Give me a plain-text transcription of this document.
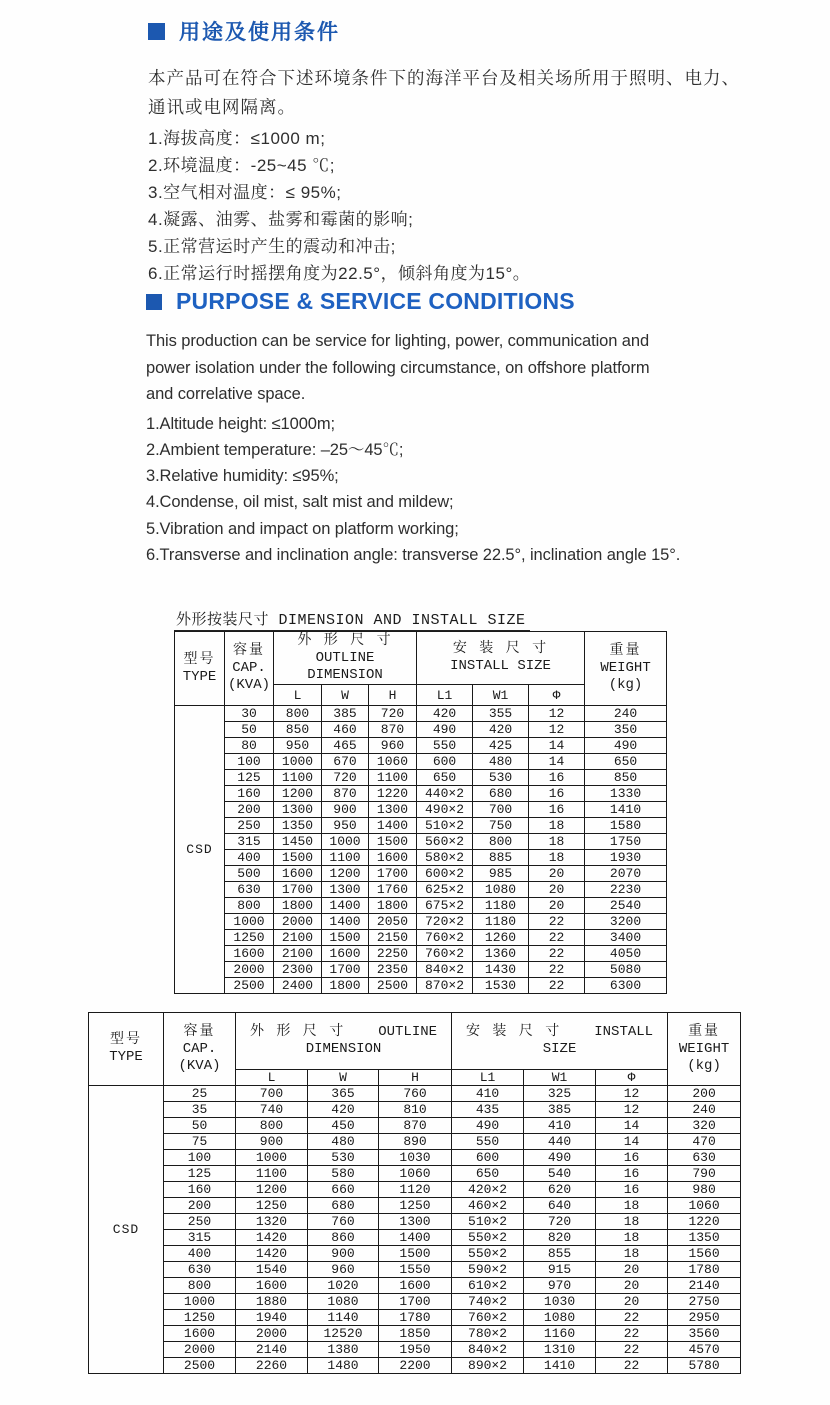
用途及使用条件
本产品可在符合下述环境条件下的海洋平台及相关场所用于照明、电力、
通讯或电网隔离。
1.海拔高度：≤1000 m;
2.环境温度：-25~45 ℃;
3.空气相对温度：≤ 95%;
4.凝露、油雾、盐雾和霉菌的影响;
5.正常营运时产生的震动和冲击;
6.正常运行时摇摆角度为22.5°，倾斜角度为15°。
PURPOSE & SERVICE CONDITIONS
This production can be service for lighting, power, communication and
power isolation under the following circumstance, on offshore platform
and correlative space.
1.Altitude height: ≤1000m;
2.Ambient temperature: –25～45℃;
3.Relative humidity: ≤95%;
4.Condense, oil mist, salt mist and mildew;
5.Vibration and impact on platform working;
6.Transverse and inclination angle: transverse 22.5°, inclination angle 15°.
外形按装尺寸 DIMENSION AND INSTALL SIZE
型号
TYPE

容量
CAP.
(KVA)

外 形 尺 寸
OUTLINE DIMENSION

安 装 尺 寸
INSTALL SIZE

重量
WEIGHT
(kg)

		L	W	H	L1	W1	Φ	
CSD	30	800	385	720	420	355	12	240
	50	850	460	870	490	420	12	350
	80	950	465	960	550	425	14	490
	100	1000	670	1060	600	480	14	650
	125	1100	720	1100	650	530	16	850
	160	1200	870	1220	440×2	680	16	1330
	200	1300	900	1300	490×2	700	16	1410
	250	1350	950	1400	510×2	750	18	1580
	315	1450	1000	1500	560×2	800	18	1750
	400	1500	1100	1600	580×2	885	18	1930
	500	1600	1200	1700	600×2	985	20	2070
	630	1700	1300	1760	625×2	1080	20	2230
	800	1800	1400	1800	675×2	1180	20	2540
	1000	2000	1400	2050	720×2	1180	22	3200
	1250	2100	1500	2150	760×2	1260	22	3400
	1600	2100	1600	2250	760×2	1360	22	4050
	2000	2300	1700	2350	840×2	1430	22	5080
	2500	2400	1800	2500	870×2	1530	22	6300
型号
TYPE

容量
CAP.
(KVA)

外 形 尺 寸 OUTLINE
DIMENSION

安 装 尺 寸 INSTALL
SIZE

重量
WEIGHT
(kg)

		L	W	H	L1	W1	Φ	
CSD	25	700	365	760	410	325	12	200
	35	740	420	810	435	385	12	240
	50	800	450	870	490	410	14	320
	75	900	480	890	550	440	14	470
	100	1000	530	1030	600	490	16	630
	125	1100	580	1060	650	540	16	790
	160	1200	660	1120	420×2	620	16	980
	200	1250	680	1250	460×2	640	18	1060
	250	1320	760	1300	510×2	720	18	1220
	315	1420	860	1400	550×2	820	18	1350
	400	1420	900	1500	550×2	855	18	1560
	630	1540	960	1550	590×2	915	20	1780
	800	1600	1020	1600	610×2	970	20	2140
	1000	1880	1080	1700	740×2	1030	20	2750
	1250	1940	1140	1780	760×2	1080	22	2950
	1600	2000	12520	1850	780×2	1160	22	3560
	2000	2140	1380	1950	840×2	1310	22	4570
	2500	2260	1480	2200	890×2	1410	22	5780
